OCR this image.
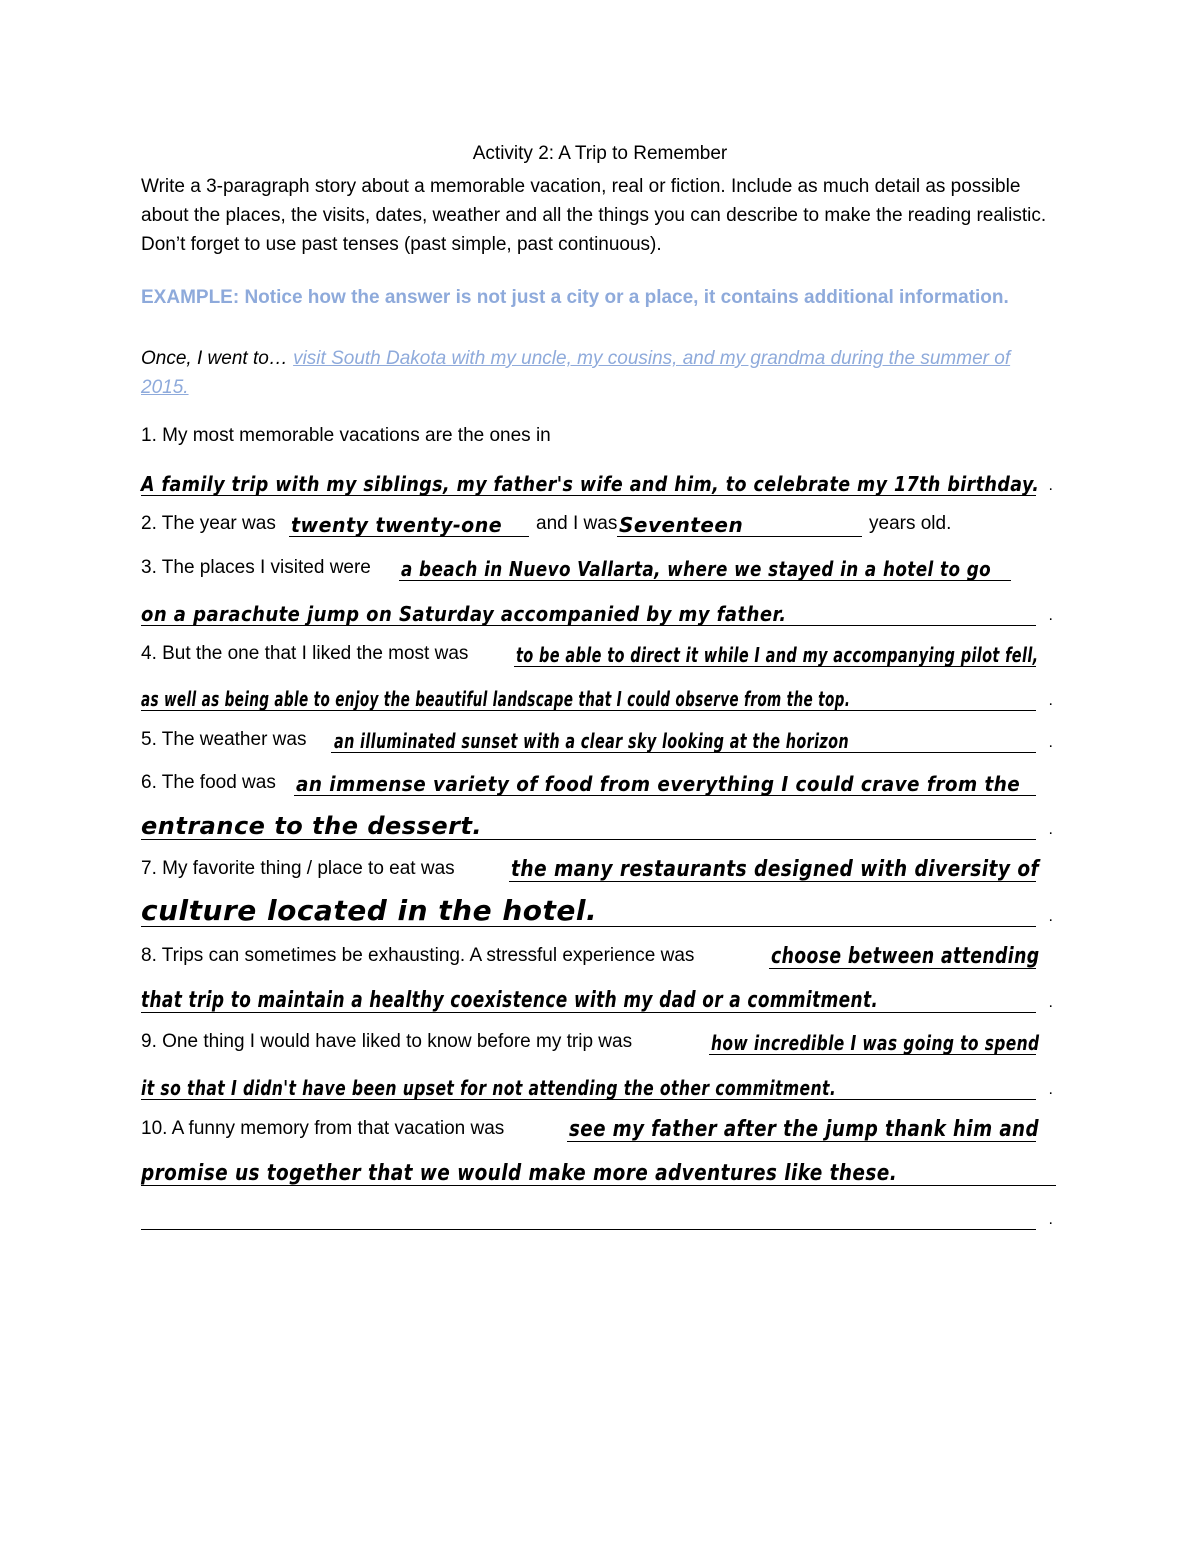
Activity 2: A Trip to Remember
Write a 3-paragraph story about a memorable vacation, real or fiction. Include as much detail as possible about the places, the visits, dates, weather and all the things you can describe to make the reading realistic. Don’t forget to use past tenses (past simple, past continuous).
EXAMPLE: Notice how the answer is not just a city or a place, it contains additional information.
Once, I went to… visit South Dakota with my uncle, my cousins, and my grandma during the summer of 2015.
1. My most memorable vacations are the ones in
A family trip with my siblings, my father's wife and him, to celebrate my 17th birthday. .
2. The year was twenty twenty-one and I was Seventeen	years old.
3. The places I visited were a beach in Nuevo Vallarta, where we stayed in a hotel to go
on a parachute jump on Saturday accompanied by my father.	.
4. But the one that I liked the most was to be able to direct it while I and my accompanying pilot fell,
as well as being able to enjoy the beautiful landscape that I could observe from the top.	.
5. The weather was an illuminated sunset with a clear sky looking at the horizon	.
6. The food was an immense variety of food from everything I could crave from the
entrance to the dessert.	.
7. My favorite thing / place to eat was	the many restaurants designed with diversity of
culture located in the hotel.	.
8. Trips can sometimes be exhausting. A stressful experience was	choose between attending
that trip to maintain a healthy coexistence with my dad or a commitment.	.
9. One thing I would have liked to know before my trip was	how incredible I was going to spend
it so that I didn't have been upset for not attending the other commitment.	.
10. A funny memory from that vacation was	see my father after the jump thank him and
promise us together that we would make more adventures like these.
.
